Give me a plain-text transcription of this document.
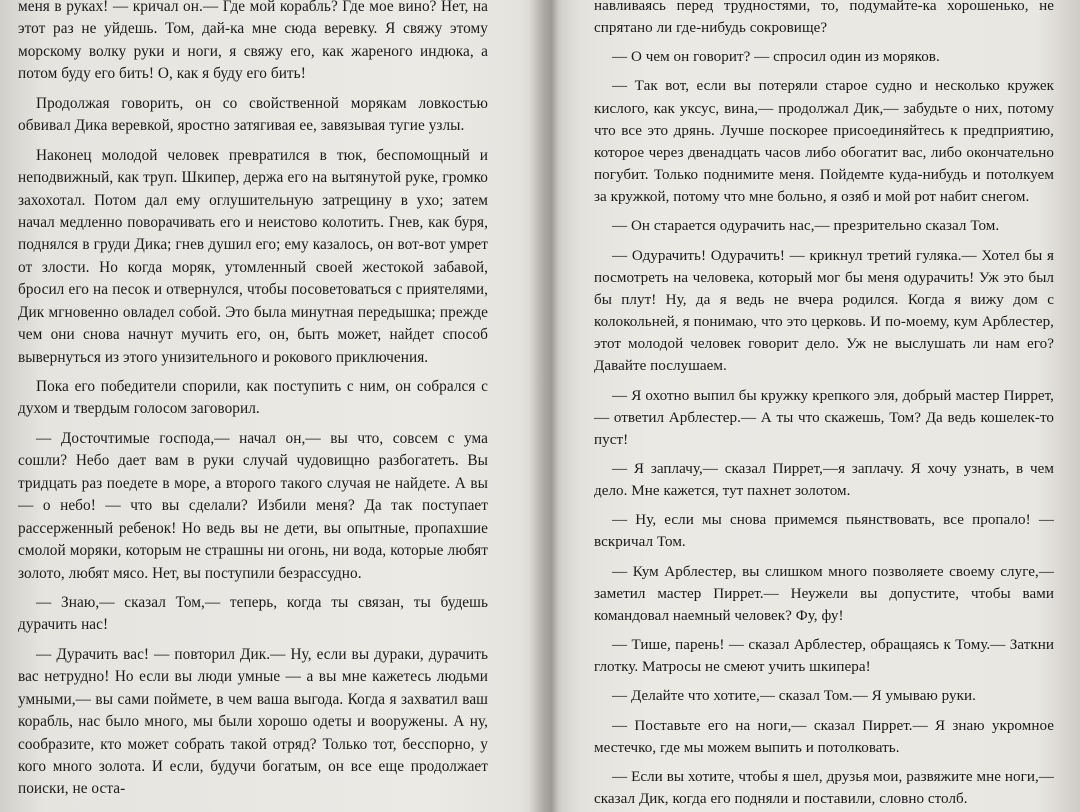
меня в руках! — кричал он.— Где мой корабль? Где мое вино? Нет, на этот раз не уйдешь. Том, дай-ка мне сюда веревку. Я свяжу этому морскому волку руки и ноги, я свяжу его, как жареного индюка, а потом буду его бить! О, как я буду его бить!

Продолжая говорить, он со свойственной морякам ловкостью обвивал Дика веревкой, яростно затягивая ее, завязывая тугие узлы.

Наконец молодой человек превратился в тюк, беспомощный и неподвижный, как труп. Шкипер, держа его на вытянутой руке, громко захохотал. Потом дал ему оглушительную затрещину в ухо; затем начал медленно поворачивать его и неистово колотить. Гнев, как буря, поднялся в груди Дика; гнев душил его; ему казалось, он вот-вот умрет от злости. Но когда моряк, утомленный своей жестокой забавой, бросил его на песок и отвернулся, чтобы посоветоваться с приятелями, Дик мгновенно овладел собой. Это была минутная передышка; прежде чем они снова начнут мучить его, он, быть может, найдет способ вывернуться из этого унизительного и рокового приключения.

Пока его победители спорили, как поступить с ним, он собрался с духом и твердым голосом заговорил.

— Досточтимые господа,— начал он,— вы что, совсем с ума сошли? Небо дает вам в руки случай чудовищно разбогатеть. Вы тридцать раз поедете в море, а второго такого случая не найдете. А вы — о небо! — что вы сделали? Избили меня? Да так поступает рассерженный ребенок! Но ведь вы не дети, вы опытные, пропахшие смолой моряки, которым не страшны ни огонь, ни вода, которые любят золото, любят мясо. Нет, вы поступили безрассудно.

— Знаю,— сказал Том,— теперь, когда ты связан, ты будешь дурачить нас!

— Дурачить вас! — повторил Дик.— Ну, если вы дураки, дурачить вас нетрудно! Но если вы люди умные — а вы мне кажетесь людьми умными,— вы сами поймете, в чем ваша выгода. Когда я захватил ваш корабль, нас было много, мы были хорошо одеты и вооружены. А ну, сообразите, кто может собрать такой отряд? Только тот, бесспорно, у кого много золота. И если, будучи богатым, он все еще продолжает поиски, не оста-

навливаясь перед трудностями, то, подумайте-ка хорошенько, не спрятано ли где-нибудь сокровище?

— О чем он говорит? — спросил один из моряков.

— Так вот, если вы потеряли старое судно и несколько кружек кислого, как уксус, вина,— продолжал Дик,— забудьте о них, потому что все это дрянь. Лучше поскорее присоединяйтесь к предприятию, которое через двенадцать часов либо обогатит вас, либо окончательно погубит. Только поднимите меня. Пойдемте куда-нибудь и потолкуем за кружкой, потому что мне больно, я озяб и мой рот набит снегом.

— Он старается одурачить нас,— презрительно сказал Том.

— Одурачить! Одурачить! — крикнул третий гуляка.— Хотел бы я посмотреть на человека, который мог бы меня одурачить! Уж это был бы плут! Ну, да я ведь не вчера родился. Когда я вижу дом с колокольней, я понимаю, что это церковь. И по-моему, кум Арблестер, этот молодой человек говорит дело. Уж не выслушать ли нам его? Давайте послушаем.

— Я охотно выпил бы кружку крепкого эля, добрый мастер Пиррет,— ответил Арблестер.— А ты что скажешь, Том? Да ведь кошелек-то пуст!

— Я заплачу,— сказал Пиррет,—я заплачу. Я хочу узнать, в чем дело. Мне кажется, тут пахнет золотом.

— Ну, если мы снова примемся пьянствовать, все пропало! — вскричал Том.

— Кум Арблестер, вы слишком много позволяете своему слуге,— заметил мастер Пиррет.— Неужели вы допустите, чтобы вами командовал наемный человек? Фу, фу!

— Тише, парень! — сказал Арблестер, обращаясь к Тому.— Заткни глотку. Матросы не смеют учить шкипера!

— Делайте что хотите,— сказал Том.— Я умываю руки.

— Поставьте его на ноги,— сказал Пиррет.— Я знаю укромное местечко, где мы можем выпить и потолковать.

— Если вы хотите, чтобы я шел, друзья мои, развяжите мне ноги,— сказал Дик, когда его подняли и поставили, словно столб.
